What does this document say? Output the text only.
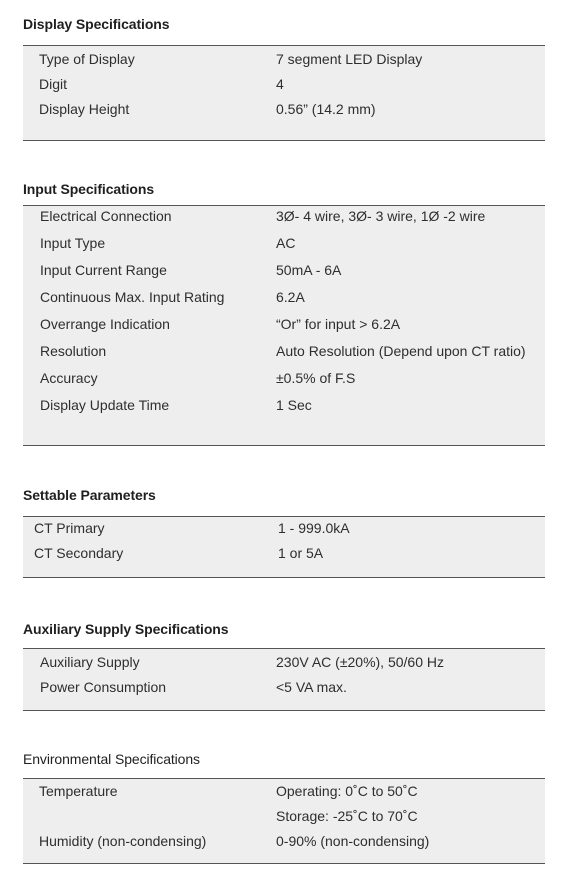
Display Specifications
Type of Display	7 segment LED Display
Digit	4
Display Height	0.56” (14.2 mm)
Input Specifications
Electrical Connection	3Ø- 4 wire, 3Ø- 3 wire, 1Ø -2 wire
Input Type	AC
Input Current Range	50mA - 6A
Continuous Max. Input Rating	6.2A
Overrange Indication	“Or” for input > 6.2A
Resolution	Auto Resolution (Depend upon CT ratio)
Accuracy	±0.5% of F.S
Display Update Time	1 Sec
Settable Parameters
CT Primary	1 - 999.0kA
CT Secondary	1 or 5A
Auxiliary Supply Specifications
Auxiliary Supply	230V AC (±20%), 50/60 Hz
Power Consumption	<5 VA max.
Environmental Specifications
Temperature	Operating: 0˚C to 50˚C
Storage: -25˚C to 70˚C
Humidity (non-condensing)	0-90% (non-condensing)
